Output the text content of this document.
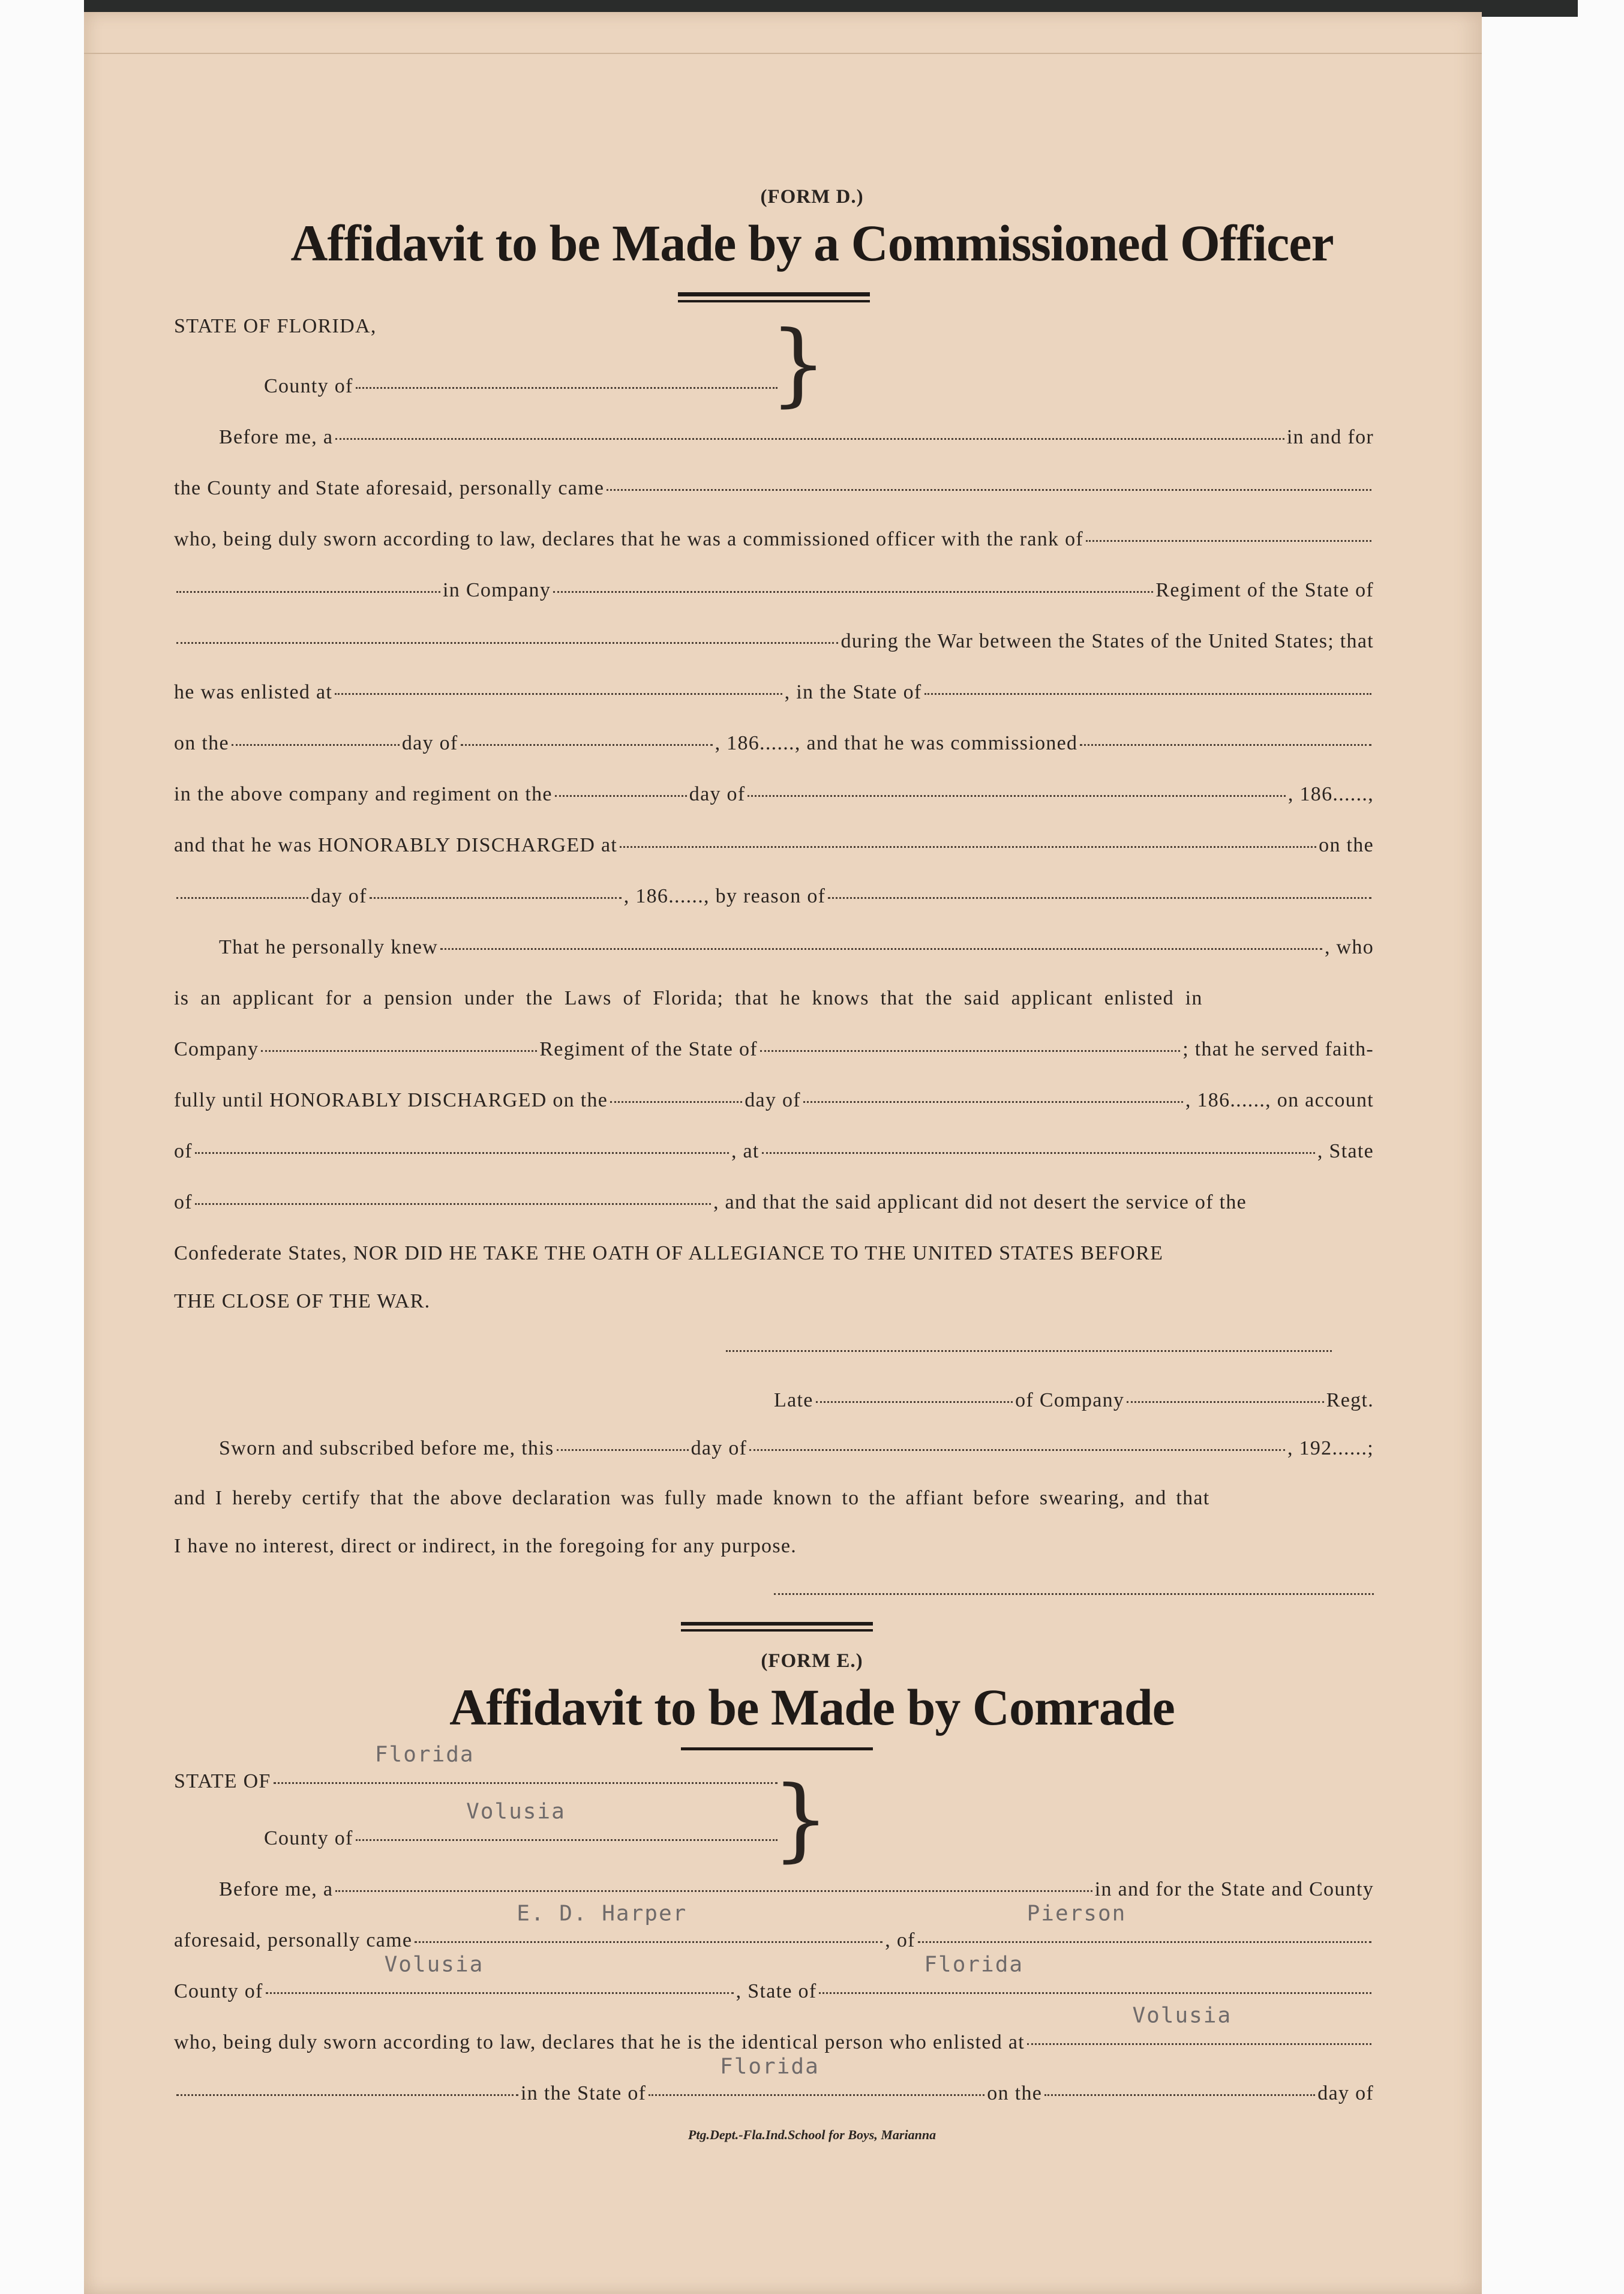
(FORM D.)
Affidavit to be Made by a Commissioned Officer
STATE OF FLORIDA,
County of	}
Before me, a	in and for
the County and State aforesaid, personally came
who, being duly sworn according to law, declares that he was a commissioned officer with the rank of
in Company	Regiment of the State of
during the War between the States of the United States; that
he was enlisted at	, in the State of
on the	day of	, 186......,
and that he was commissioned
in the above company and regiment on the	day of	, 186......,
and that he was HONORABLY DISCHARGED at	on the
day of	, 186......, by reason of
That he personally knew	, who
is an applicant for a pension under the Laws of Florida; that he knows that the said applicant enlisted in
Company	Regiment of the State of	; that he served faith-
fully until HONORABLY DISCHARGED on the	day of	, 186......, on account
of	, at	, State
of	, and that the said applicant did not desert the service of the
Confederate States, NOR DID HE TAKE THE OATH OF ALLEGIANCE TO THE UNITED STATES BEFORE
THE CLOSE OF THE WAR.
Late	of Company	Regt.
Sworn and subscribed before me, this	day of	, 192......;
and I hereby certify that the above declaration was fully made known to the affiant before swearing, and that
I have no interest, direct or indirect, in the foregoing for any purpose.
(FORM E.)
Affidavit to be Made by Comrade
STATE OF
Florida
County of
Volusia }
Before me, a	in and for the State and County
aforesaid, personally came
E. D. Harper
, of
Pierson
County of
Volusia
, State of
Florida
who, being duly sworn according to law, declares that he is the identical person who enlisted at
Volusia
in the State of
Florida
on the	day of
Ptg.Dept.-Fla.Ind.School for Boys, Marianna
